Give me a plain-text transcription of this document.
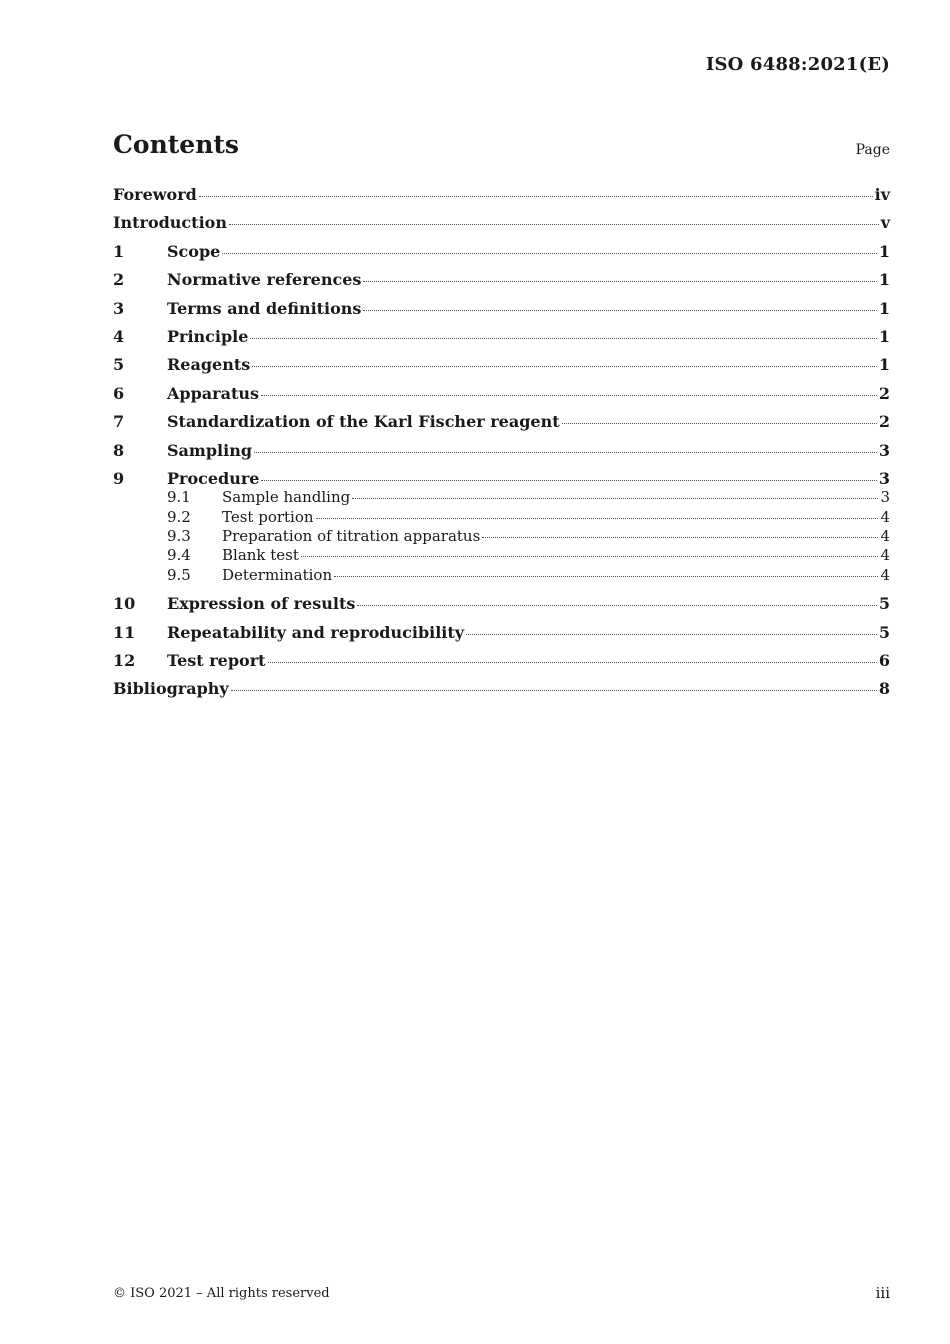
ISO 6488:2021(E)
Contents	Page
Foreword	iv
Introduction	v
1	Scope	1
2	Normative references	1
3	Terms and definitions	1
4	Principle	1
5	Reagents	1
6	Apparatus	2
7	Standardization of the Karl Fischer reagent	2
8	Sampling	3
9	Procedure	3
9.1	Sample handling	3
9.2	Test portion	4
9.3	Preparation of titration apparatus	4
9.4	Blank test	4
9.5	Determination	4
10	Expression of results	5
11	Repeatability and reproducibility	5
12	Test report	6
Bibliography	8
© ISO 2021 – All rights reserved	iii
